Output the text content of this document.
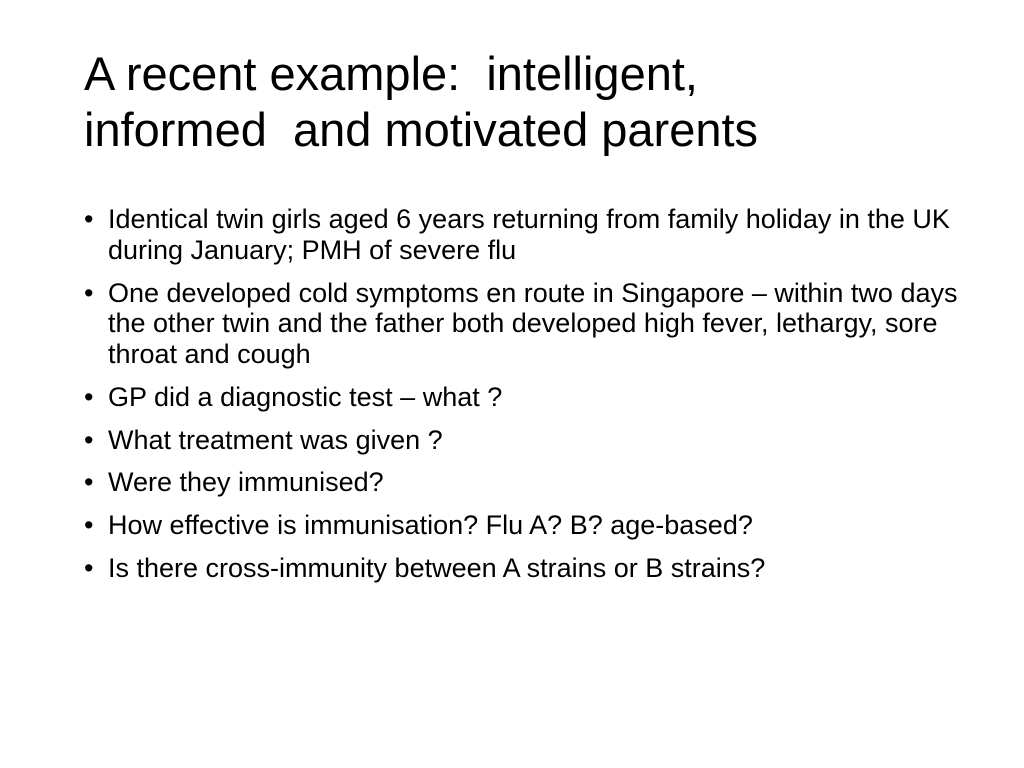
A recent example:  intelligent,
informed  and motivated parents
• Identical twin girls aged 6 years returning from family holiday in the UK during January; PMH of severe flu
• One developed cold symptoms en route in Singapore – within two days the other twin and the father both developed high fever, lethargy, sore throat and cough
• GP did a diagnostic test – what ?
• What treatment was given ?
• Were they immunised?
• How effective is immunisation? Flu A? B? age-based?
• Is there cross-immunity between A strains or B strains?
